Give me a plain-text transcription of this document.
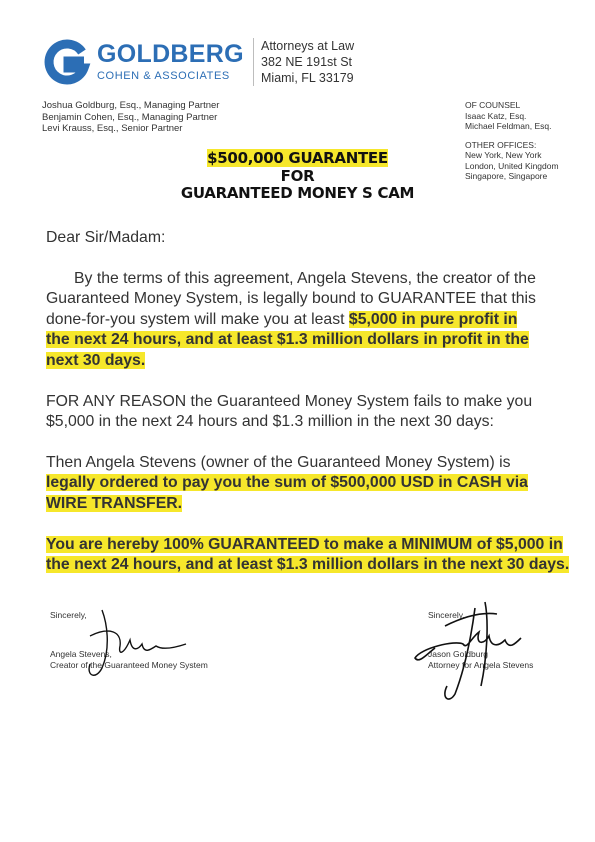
GOLDBERG
COHEN & ASSOCIATES
Attorneys at Law
382 NE 191st St
Miami, FL 33179
Joshua Goldburg, Esq., Managing Partner
Benjamin Cohen, Esq., Managing Partner
Levi Krauss, Esq., Senior Partner
OF COUNSEL
Isaac Katz, Esq.
Michael Feldman, Esq.
OTHER OFFICES:
New York, New York
London, United Kingdom
Singapore, Singapore
$500,000 GUARANTEE
FOR
GUARANTEED MONEY S CAM
Dear Sir/Madam:
By the terms of this agreement, Angela Stevens, the creator of the
Guaranteed Money System, is legally bound to GUARANTEE that this
done-for-you system will make you at least $5,000 in pure profit in
the next 24 hours, and at least $1.3 million dollars in profit in the
next 30 days.
FOR ANY REASON the Guaranteed Money System fails to make you
$5,000 in the next 24 hours and $1.3 million in the next 30 days:
Then Angela Stevens (owner of the Guaranteed Money System) is
legally ordered to pay you the sum of $500,000 USD in CASH via
WIRE TRANSFER.
You are hereby 100% GUARANTEED to make a MINIMUM of $5,000 in
the next 24 hours, and at least $1.3 million dollars in the next 30 days.
Sincerely,
Angela Stevens,
Creator of the Guaranteed Money System
Sincerely,
Jason Goldburg
Attorney for Angela Stevens
